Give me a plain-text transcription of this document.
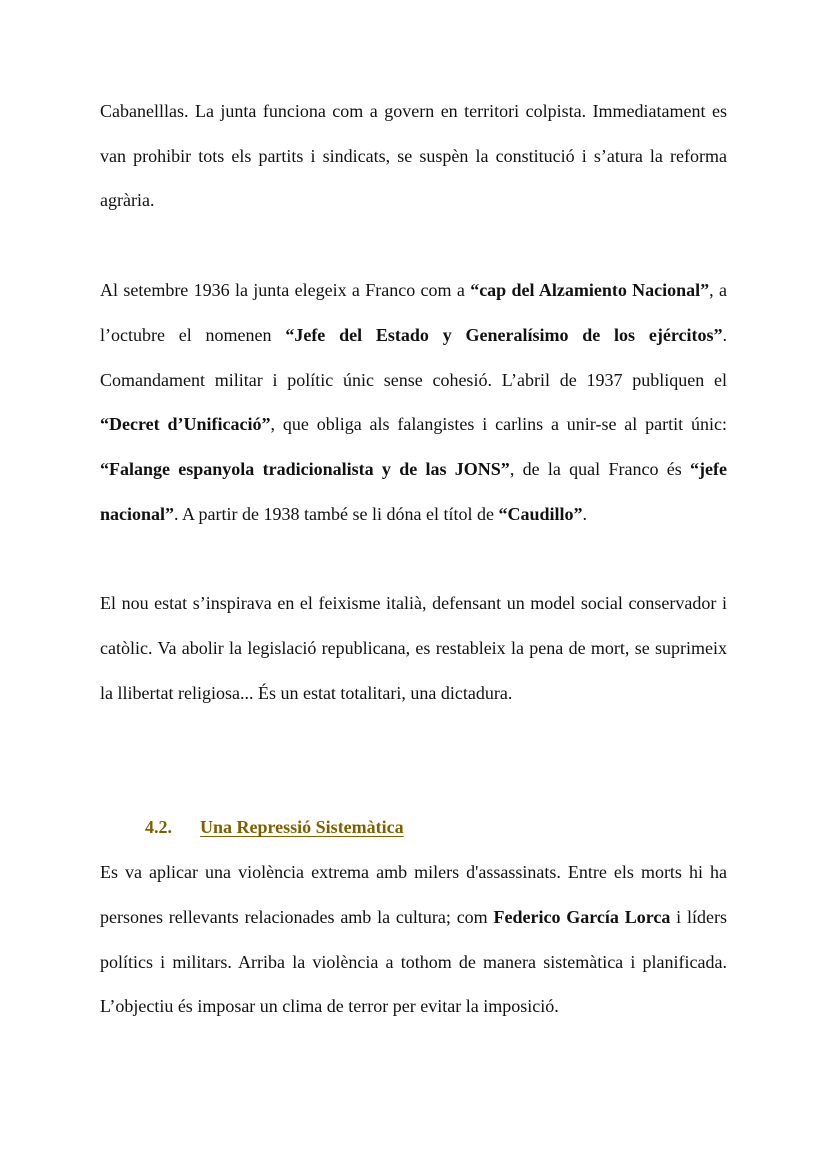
Cabanelllas. La junta funciona com a govern en territori colpista. Immediatament es van prohibir tots els partits i sindicats, se suspèn la constitució i s’atura la reforma agrària.

Al setembre 1936 la junta elegeix a Franco com a “cap del Alzamiento Nacional”, a l’octubre el nomenen “Jefe del Estado y Generalísimo de los ejércitos”. Comandament militar i polític únic sense cohesió. L’abril de 1937 publiquen el “Decret d’Unificació”, que obliga als falangistes i carlins a unir-se al partit únic: “Falange espanyola tradicionalista y de las JONS”, de la qual Franco és “jefe nacional”. A partir de 1938 també se li dóna el títol de “Caudillo”.

El nou estat s’inspirava en el feixisme italià, defensant un model social conservador i catòlic. Va abolir la legislació republicana, es restableix la pena de mort, se suprimeix la llibertat religiosa... És un estat totalitari, una dictadura.

4.2. Una Repressió Sistemàtica

Es va aplicar una violència extrema amb milers d'assassinats. Entre els morts hi ha persones rellevants relacionades amb la cultura; com Federico García Lorca i líders polítics i militars. Arriba la violència a tothom de manera sistemàtica i planificada. L’objectiu és imposar un clima de terror per evitar la imposició.
